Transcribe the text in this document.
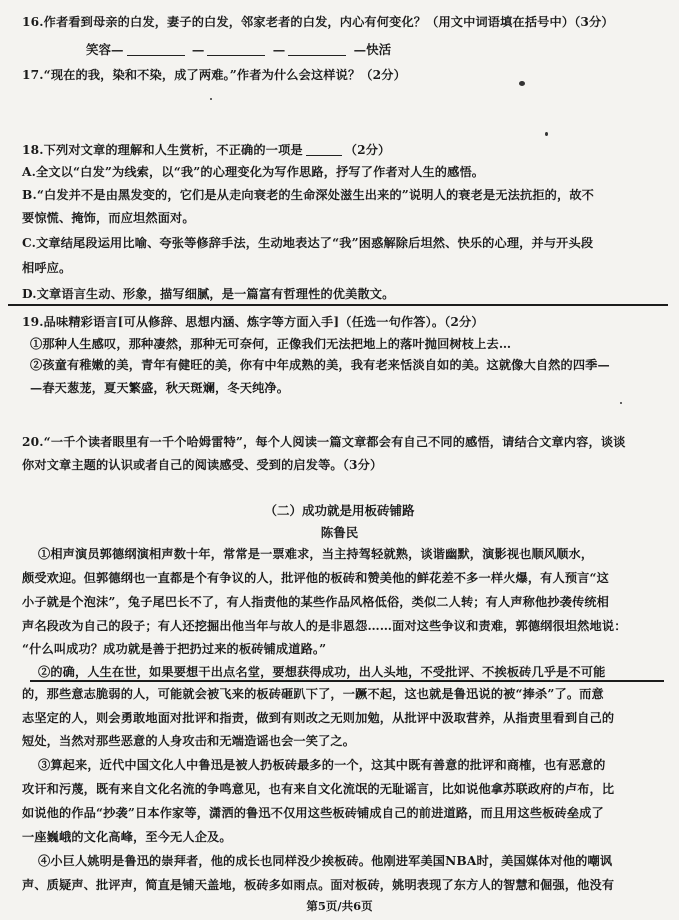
16.作者看到母亲的白发，妻子的白发，邻家老者的白发，内心有何变化？（用文中词语填在括号中）（3分）
笑容—	—	—	—快活
17.“现在的我，染和不染，成了两难。”作者为什么会这样说？（2分）
18.下列对文章的理解和人生赏析，不正确的一项是	（2分）
A.全文以“白发”为线索，以“我”的心理变化为写作思路，抒写了作者对人生的感悟。
B.“白发并不是由黑发变的，它们是从走向衰老的生命深处滋生出来的”说明人的衰老是无法抗拒的，故不
要惊慌、掩饰，而应坦然面对。
C.文章结尾段运用比喻、夸张等修辞手法，生动地表达了“我”困惑解除后坦然、快乐的心理，并与开头段
相呼应。
D.文章语言生动、形象，描写细腻，是一篇富有哲理性的优美散文。
19.品味精彩语言[可从修辞、思想内涵、炼字等方面入手]（任选一句作答）。（2分）
①那种人生感叹，那种凄然，那种无可奈何，正像我们无法把地上的落叶抛回树枝上去…
②孩童有稚嫩的美，青年有健旺的美，你有中年成熟的美，我有老来恬淡自如的美。这就像大自然的四季—
—春天葱茏，夏天繁盛，秋天斑斓，冬天纯净。
20.“一千个读者眼里有一千个哈姆雷特”，每个人阅读一篇文章都会有自己不同的感悟，请结合文章内容，谈谈
你对文章主题的认识或者自己的阅读感受、受到的启发等。（3分）
（二）成功就是用板砖铺路
陈鲁民
①相声演员郭德纲演相声数十年，常常是一票难求，当主持驾轻就熟，谈谐幽默，演影视也顺风顺水，
颇受欢迎。但郭德纲也一直都是个有争议的人，批评他的板砖和赞美他的鲜花差不多一样火爆，有人预言“这
小子就是个泡沫”，兔子尾巴长不了，有人指责他的某些作品风格低俗，类似二人转；有人声称他抄袭传统相
声名段改为自己的段子；有人还挖掘出他当年与故人的是非恩怨……面对这些争议和责难，郭德纲很坦然地说：
“什么叫成功？成功就是善于把扔过来的板砖铺成道路。”
②的确，人生在世，如果要想干出点名堂，要想获得成功，出人头地，不受批评、不挨板砖几乎是不可能
的，那些意志脆弱的人，可能就会被飞来的板砖砸趴下了，一蹶不起，这也就是鲁迅说的被“捧杀”了。而意
志坚定的人，则会勇敢地面对批评和指责，做到有则改之无则加勉，从批评中汲取营养，从指责里看到自己的
短处，当然对那些恶意的人身攻击和无端造谣也会一笑了之。
③算起来，近代中国文化人中鲁迅是被人扔板砖最多的一个，这其中既有善意的批评和商榷，也有恶意的
攻讦和污蔑，既有来自文化名流的争鸣意见，也有来自文化流氓的无耻谣言，比如说他拿苏联政府的卢布，比
如说他的作品“抄袭”日本作家等，潇洒的鲁迅不仅用这些板砖铺成自己的前进道路，而且用这些板砖垒成了
一座巍峨的文化高峰，至今无人企及。
④小巨人姚明是鲁迅的崇拜者，他的成长也同样没少挨板砖。他刚进军美国NBA时，美国媒体对他的嘲讽
声、质疑声、批评声，简直是铺天盖地，板砖多如雨点。面对板砖，姚明表现了东方人的智慧和倔强，他没有
第5页/共6页
